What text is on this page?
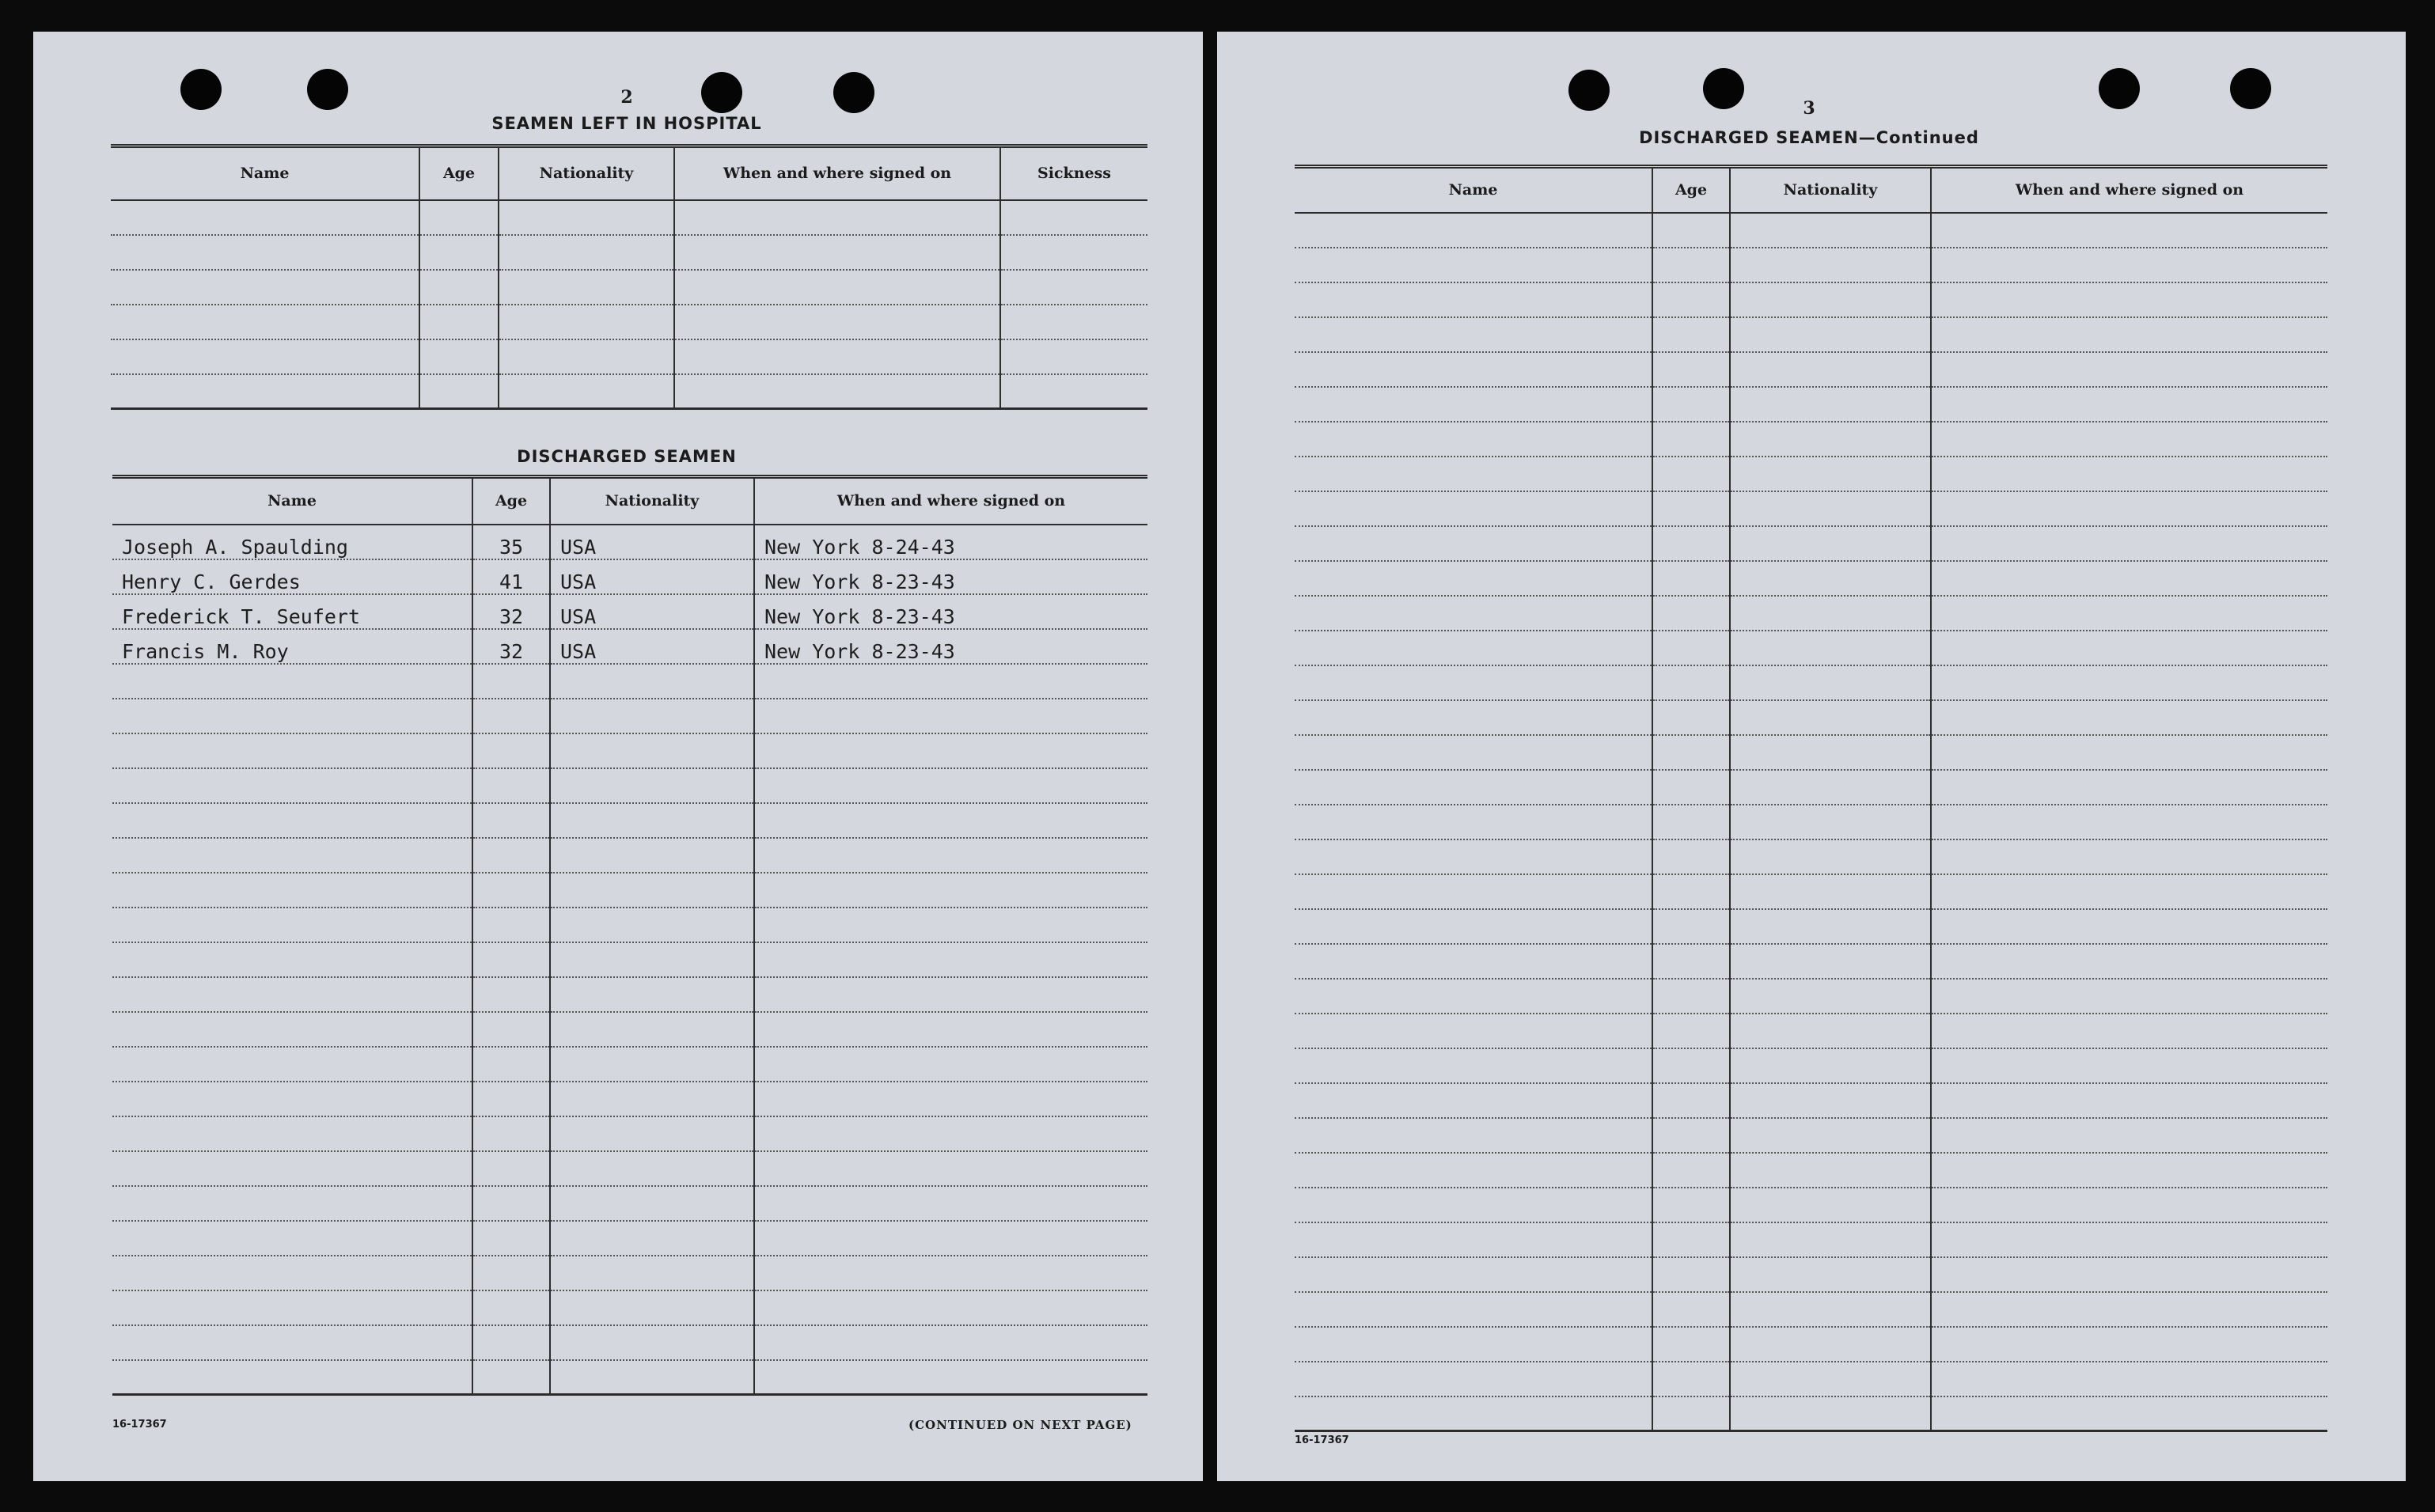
2
SEAMEN LEFT IN HOSPITAL
Name	Age	Nationality	When and where signed on	Sickness

DISCHARGED SEAMEN
Name	Age	Nationality	When and where signed on
Joseph A. Spaulding	35	USA	New York 8-24-43
Henry C. Gerdes	41	USA	New York 8-23-43
Frederick T. Seufert	32	USA	New York 8-23-43
Francis M. Roy	32	USA	New York 8-23-43

16-17367	(CONTINUED ON NEXT PAGE)
3
DISCHARGED SEAMEN—Continued
Name	Age	Nationality	When and where signed on

16-17367
